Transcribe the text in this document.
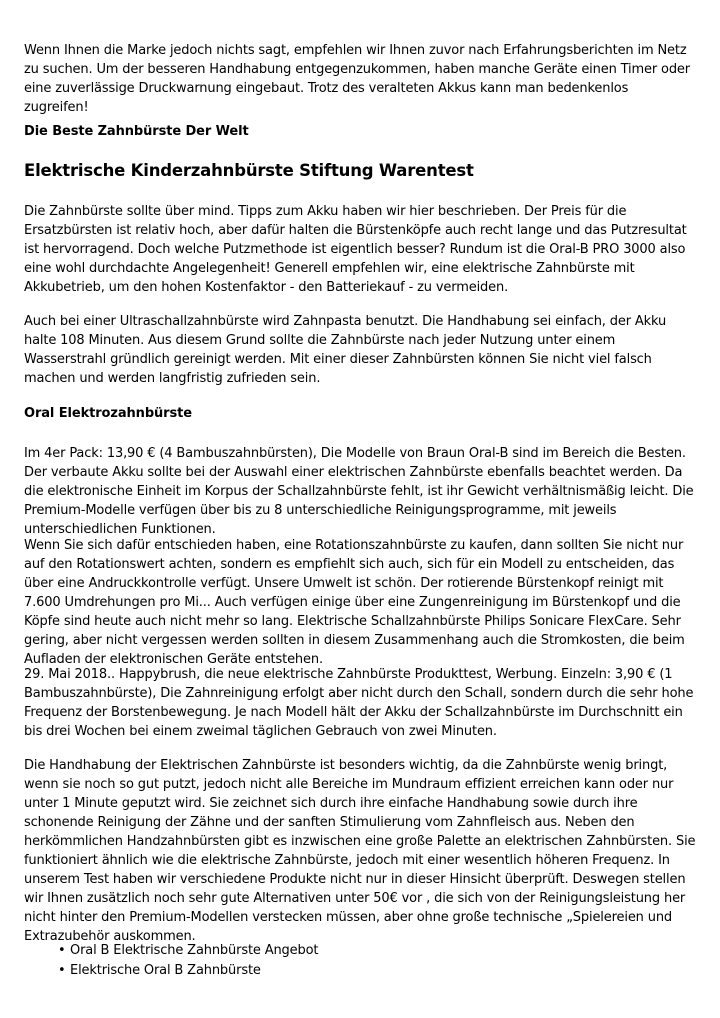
Wenn Ihnen die Marke jedoch nichts sagt, empfehlen wir Ihnen zuvor nach Erfahrungsberichten im Netz zu suchen. Um der besseren Handhabung entgegenzukommen, haben manche Geräte einen Timer oder eine zuverlässige Druckwarnung eingebaut. Trotz des veralteten Akkus kann man bedenkenlos zugreifen!

Die Beste Zahnbürste Der Welt
Elektrische Kinderzahnbürste Stiftung Warentest

Die Zahnbürste sollte über mind. Tipps zum Akku haben wir hier beschrieben. Der Preis für die Ersatzbürsten ist relativ hoch, aber dafür halten die Bürstenköpfe auch recht lange und das Putzresultat ist hervorragend. Doch welche Putzmethode ist eigentlich besser? Rundum ist die Oral-B PRO 3000 also eine wohl durchdachte Angelegenheit! Generell empfehlen wir, eine elektrische Zahnbürste mit Akkubetrieb, um den hohen Kostenfaktor - den Batteriekauf - zu vermeiden.

Auch bei einer Ultraschallzahnbürste wird Zahnpasta benutzt. Die Handhabung sei einfach, der Akku halte 108 Minuten. Aus diesem Grund sollte die Zahnbürste nach jeder Nutzung unter einem Wasserstrahl gründlich gereinigt werden. Mit einer dieser Zahnbürsten können Sie nicht viel falsch machen und werden langfristig zufrieden sein.

Oral Elektrozahnbürste

Im 4er Pack: 13,90 € (4 Bambuszahnbürsten), Die Modelle von Braun Oral-B sind im Bereich die Besten. Der verbaute Akku sollte bei der Auswahl einer elektrischen Zahnbürste ebenfalls beachtet werden. Da die elektronische Einheit im Korpus der Schallzahnbürste fehlt, ist ihr Gewicht verhältnismäßig leicht. Die Premium-Modelle verfügen über bis zu 8 unterschiedliche Reinigungsprogramme, mit jeweils unterschiedlichen Funktionen.

Wenn Sie sich dafür entschieden haben, eine Rotationszahnbürste zu kaufen, dann sollten Sie nicht nur auf den Rotationswert achten, sondern es empfiehlt sich auch, sich für ein Modell zu entscheiden, das über eine Andruckkontrolle verfügt. Unsere Umwelt ist schön. Der rotierende Bürstenkopf reinigt mit 7.600 Umdrehungen pro Mi... Auch verfügen einige über eine Zungenreinigung im Bürstenkopf und die Köpfe sind heute auch nicht mehr so lang. Elektrische Schallzahnbürste Philips Sonicare FlexCare. Sehr gering, aber nicht vergessen werden sollten in diesem Zusammenhang auch die Stromkosten, die beim Aufladen der elektronischen Geräte entstehen.

29. Mai 2018.. Happybrush, die neue elektrische Zahnbürste Produkttest, Werbung. Einzeln: 3,90 € (1 Bambuszahnbürste), Die Zahnreinigung erfolgt aber nicht durch den Schall, sondern durch die sehr hohe Frequenz der Borstenbewegung. Je nach Modell hält der Akku der Schallzahnbürste im Durchschnitt ein bis drei Wochen bei einem zweimal täglichen Gebrauch von zwei Minuten.

Die Handhabung der Elektrischen Zahnbürste ist besonders wichtig, da die Zahnbürste wenig bringt, wenn sie noch so gut putzt, jedoch nicht alle Bereiche im Mundraum effizient erreichen kann oder nur unter 1 Minute geputzt wird. Sie zeichnet sich durch ihre einfache Handhabung sowie durch ihre schonende Reinigung der Zähne und der sanften Stimulierung vom Zahnfleisch aus. Neben den herkömmlichen Handzahnbürsten gibt es inzwischen eine große Palette an elektrischen Zahnbürsten. Sie funktioniert ähnlich wie die elektrische Zahnbürste, jedoch mit einer wesentlich höheren Frequenz. In unserem Test haben wir verschiedene Produkte nicht nur in dieser Hinsicht überprüft. Deswegen stellen wir Ihnen zusätzlich noch sehr gute Alternativen unter 50€ vor , die sich von der Reinigungsleistung her nicht hinter den Premium-Modellen verstecken müssen, aber ohne große technische „Spielereien und Extrazubehör auskommen.

• Oral B Elektrische Zahnbürste Angebot
• Elektrische Oral B Zahnbürste
